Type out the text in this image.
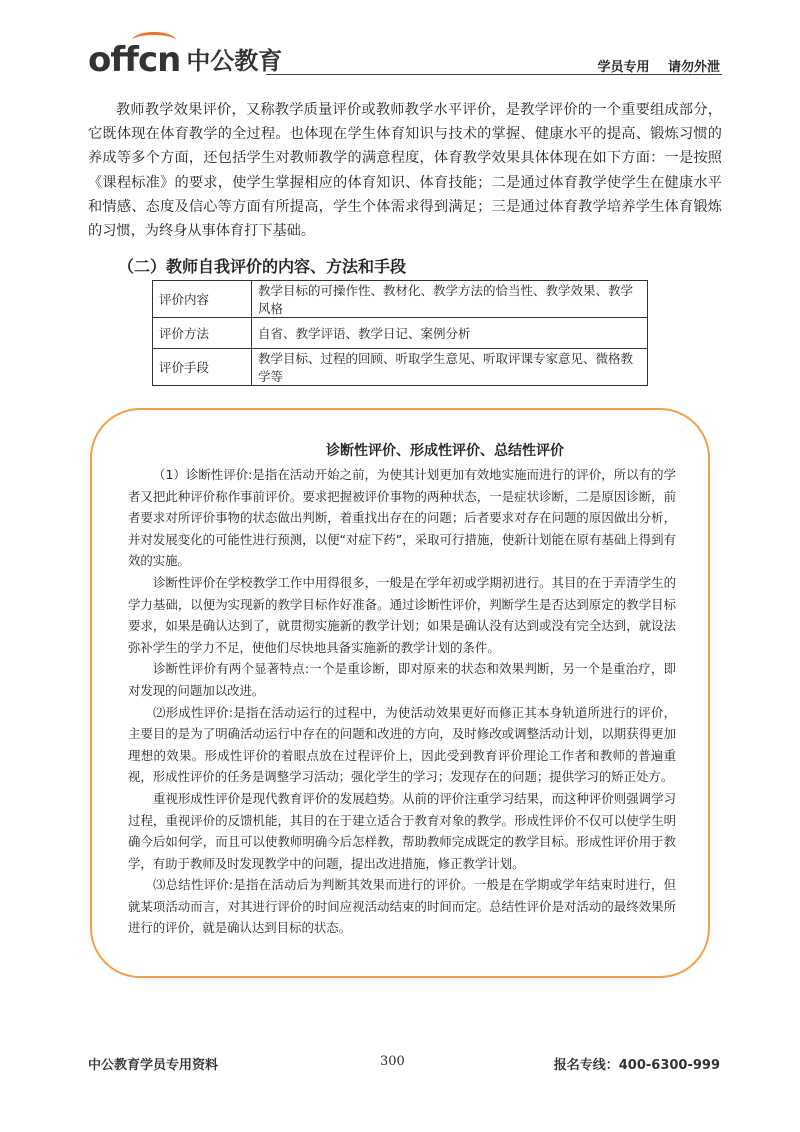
offcn 中公教育	学员专用 请勿外泄

教师教学效果评价，又称教学质量评价或教师教学水平评价，是教学评价的一个重要组成部分，它既体现在体育教学的全过程。也体现在学生体育知识与技术的掌握、健康水平的提高、锻炼习惯的养成等多个方面，还包括学生对教师教学的满意程度，体育教学效果具体体现在如下方面：一是按照《课程标准》的要求，使学生掌握相应的体育知识、体育技能；二是通过体育教学使学生在健康水平和情感、态度及信心等方面有所提高，学生个体需求得到满足；三是通过体育教学培养学生体育锻炼的习惯，为终身从事体育打下基础。

（二）教师自我评价的内容、方法和手段
评价内容	教学目标的可操作性、教材化、教学方法的恰当性、教学效果、教学风格
评价方法	自省、教学评语、教学日记、案例分析
评价手段	教学目标、过程的回顾、听取学生意见、听取评课专家意见、微格教学等
诊断性评价、形成性评价、总结性评价

（1）诊断性评价:是指在活动开始之前，为使其计划更加有效地实施而进行的评价，所以有的学者又把此种评价称作事前评价。要求把握被评价事物的两种状态，一是症状诊断，二是原因诊断，前者要求对所评价事物的状态做出判断，着重找出存在的问题；后者要求对存在问题的原因做出分析，并对发展变化的可能性进行预测，以便“对症下药”，采取可行措施，使新计划能在原有基础上得到有效的实施。

诊断性评价在学校教学工作中用得很多，一般是在学年初或学期初进行。其目的在于弄清学生的学力基础，以便为实现新的教学目标作好准备。通过诊断性评价，判断学生是否达到原定的教学目标要求，如果是确认达到了，就贯彻实施新的教学计划；如果是确认没有达到或没有完全达到，就设法弥补学生的学力不足，使他们尽快地具备实施新的教学计划的条件。

诊断性评价有两个显著特点:一个是重诊断，即对原来的状态和效果判断，另一个是重治疗，即对发现的问题加以改进。

⑵形成性评价:是指在活动运行的过程中，为使活动效果更好而修正其本身轨道所进行的评价，主要目的是为了明确活动运行中存在的问题和改进的方向，及时修改或调整活动计划，以期获得更加理想的效果。形成性评价的着眼点放在过程评价上，因此受到教育评价理论工作者和教师的普遍重视，形成性评价的任务是调整学习活动；强化学生的学习；发现存在的问题；提供学习的矫正处方。

重视形成性评价是现代教育评价的发展趋势。从前的评价注重学习结果，而这种评价则强调学习过程，重视评价的反馈机能，其目的在于建立适合于教育对象的教学。形成性评价不仅可以使学生明确今后如何学，而且可以使教师明确今后怎样教，帮助教师完成既定的教学目标。形成性评价用于教学，有助于教师及时发现教学中的问题，提出改进措施，修正教学计划。

⑶总结性评价:是指在活动后为判断其效果而进行的评价。一般是在学期或学年结束时进行，但就某项活动而言，对其进行评价的时间应视活动结束的时间而定。总结性评价是对活动的最终效果所进行的评价，就是确认达到目标的状态。

中公教育学员专用资料	300	报名专线：400-6300-999
